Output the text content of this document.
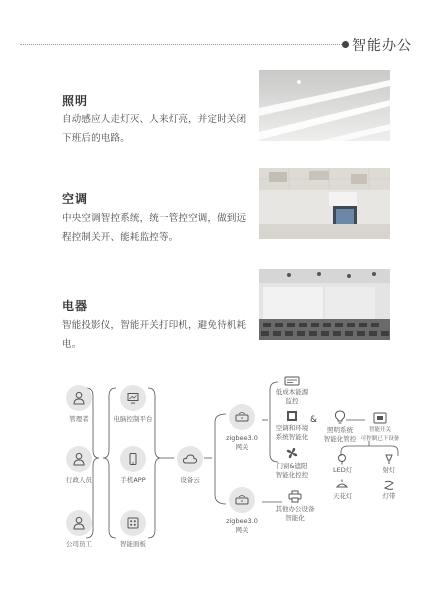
智能办公
照明
自动感应人走灯灭、人来灯亮，并定时关闭下班后的电路。
空调
中央空调智控系统，统一管控空调，做到远程控制关开、能耗监控等。
电器
智能投影仪，智能开关打印机，避免待机耗电。
管理者
行政人员
公司员工
电脑控制平台
手机APP
智能面板
设备云
zigbee3.0
网关
zigbee3.0
网关
低成本能源
监控
空调和环境
系统智能化
&
照明系统
智能化管控
智能开关
可控制已下设备
门窗&遮阳
智能化控控
LED灯	射灯
天花灯	灯带
其他办公设备
智能化
